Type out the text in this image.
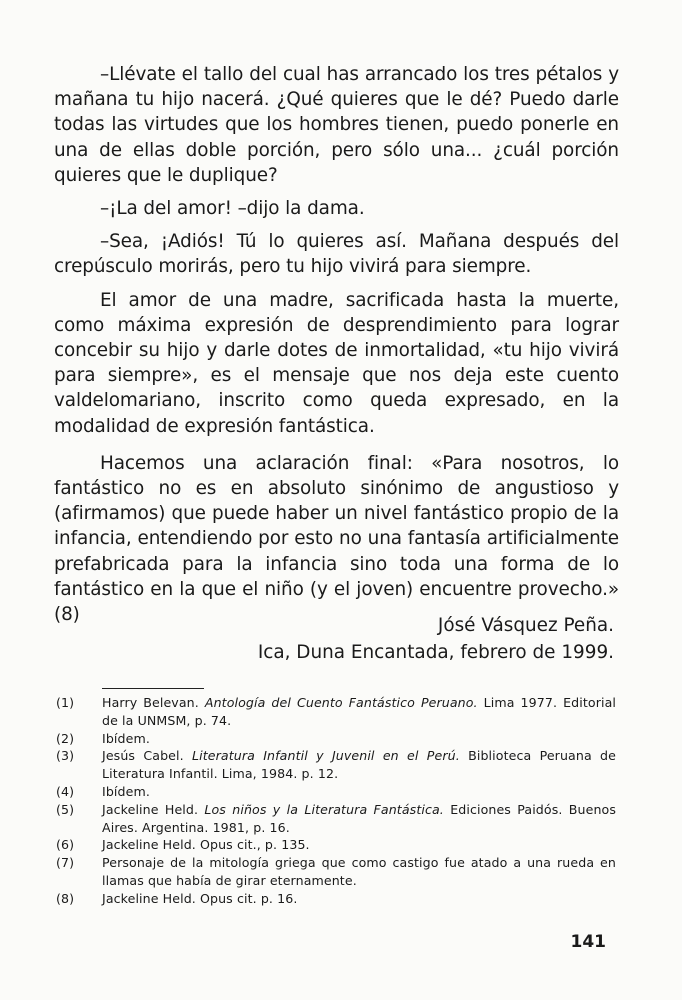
–Llévate el tallo del cual has arrancado los tres pétalos y mañana tu hijo nacerá. ¿Qué quieres que le dé? Puedo darle todas las virtudes que los hombres tienen, puedo ponerle en una de ellas doble porción, pero sólo una... ¿cuál porción quieres que le duplique?

–¡La del amor! –dijo la dama.

–Sea, ¡Adiós! Tú lo quieres así. Mañana después del crepúsculo morirás, pero tu hijo vivirá para siempre.

El amor de una madre, sacrificada hasta la muerte, como máxima expresión de desprendimiento para lograr concebir su hijo y darle dotes de inmortalidad, «tu hijo vivirá para siempre», es el mensaje que nos deja este cuento valdelomariano, inscrito como queda expresado, en la modalidad de expresión fantástica.

Hacemos una aclaración final: «Para nosotros, lo fantástico no es en absoluto sinónimo de angustioso y (afirmamos) que puede haber un nivel fantástico propio de la infancia, entendiendo por esto no una fantasía artificialmente prefabricada para la infancia sino toda una forma de lo fantástico en la que el niño (y el joven) encuentre provecho.» (8)

Jósé Vásquez Peña.
Ica, Duna Encantada, febrero de 1999.
(1)	Harry Belevan. Antología del Cuento Fantástico Peruano. Lima 1977. Editorial de la UNMSM, p. 74.
(2)	Ibídem.
(3)	Jesús Cabel. Literatura Infantil y Juvenil en el Perú. Biblioteca Peruana de Literatura Infantil. Lima, 1984. p. 12.
(4)	Ibídem.
(5)	Jackeline Held. Los niños y la Literatura Fantástica. Ediciones Paidós. Buenos Aires. Argentina. 1981, p. 16.
(6)	Jackeline Held. Opus cit., p. 135.
(7)	Personaje de la mitología griega que como castigo fue atado a una rueda en llamas que había de girar eternamente.
(8)	Jackeline Held. Opus cit. p. 16.
141
